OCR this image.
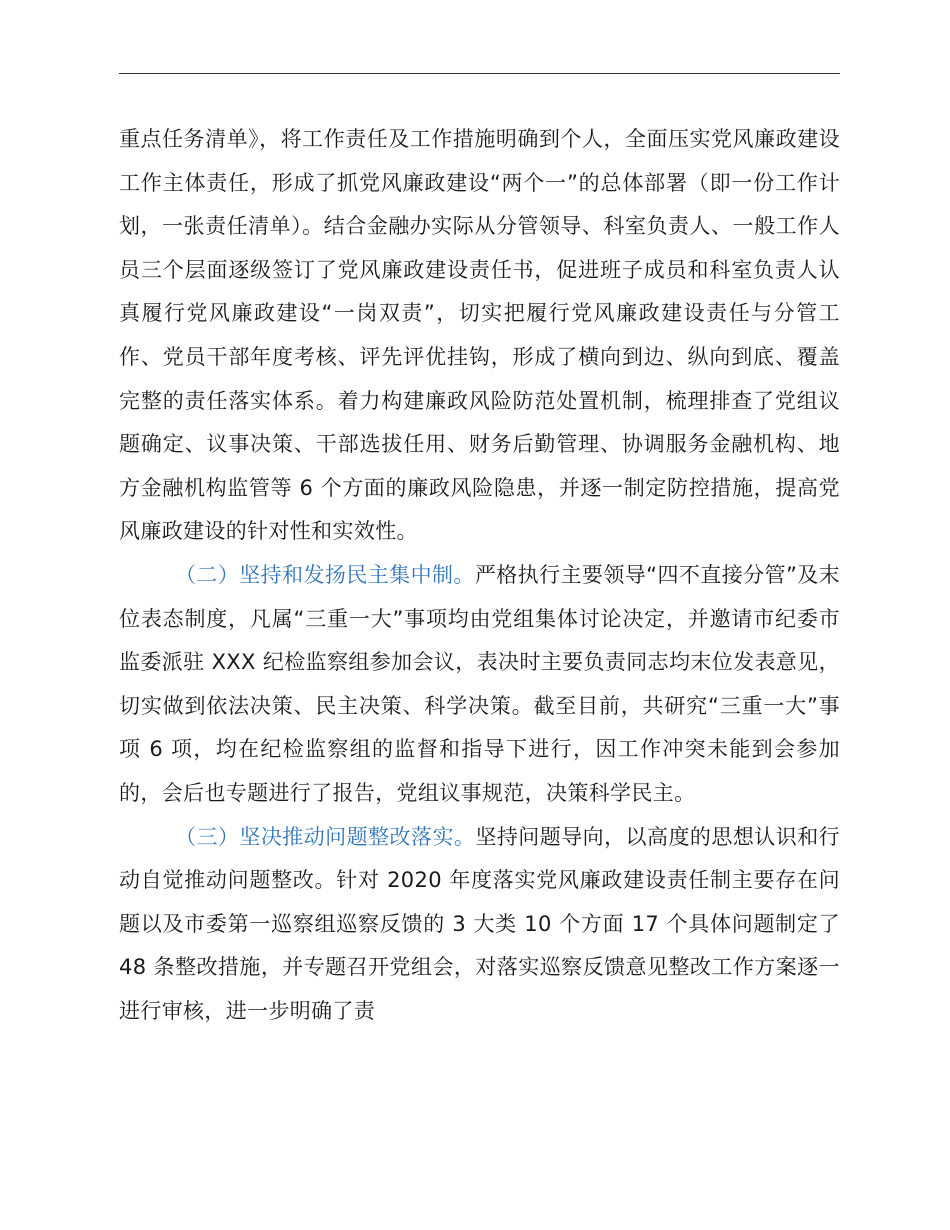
重点任务清单》，将工作责任及工作措施明确到个人，全面压实党风廉政建设工作主体责任，形成了抓党风廉政建设“两个一”的总体部署（即一份工作计划，一张责任清单）。结合金融办实际从分管领导、科室负责人、一般工作人员三个层面逐级签订了党风廉政建设责任书，促进班子成员和科室负责人认真履行党风廉政建设“一岗双责”，切实把履行党风廉政建设责任与分管工作、党员干部年度考核、评先评优挂钩，形成了横向到边、纵向到底、覆盖完整的责任落实体系。着力构建廉政风险防范处置机制，梳理排查了党组议题确定、议事决策、干部选拔任用、财务后勤管理、协调服务金融机构、地方金融机构监管等 6 个方面的廉政风险隐患，并逐一制定防控措施，提高党风廉政建设的针对性和实效性。

（二）坚持和发扬民主集中制。严格执行主要领导“四不直接分管”及末位表态制度，凡属“三重一大”事项均由党组集体讨论决定，并邀请市纪委市监委派驻 XXX 纪检监察组参加会议，表决时主要负责同志均末位发表意见，切实做到依法决策、民主决策、科学决策。截至目前，共研究“三重一大”事项 6 项，均在纪检监察组的监督和指导下进行，因工作冲突未能到会参加的，会后也专题进行了报告，党组议事规范，决策科学民主。

（三）坚决推动问题整改落实。坚持问题导向，以高度的思想认识和行动自觉推动问题整改。针对 2020 年度落实党风廉政建设责任制主要存在问题以及市委第一巡察组巡察反馈的 3 大类 10 个方面 17 个具体问题制定了 48 条整改措施，并专题召开党组会，对落实巡察反馈意见整改工作方案逐一进行审核，进一步明确了责
